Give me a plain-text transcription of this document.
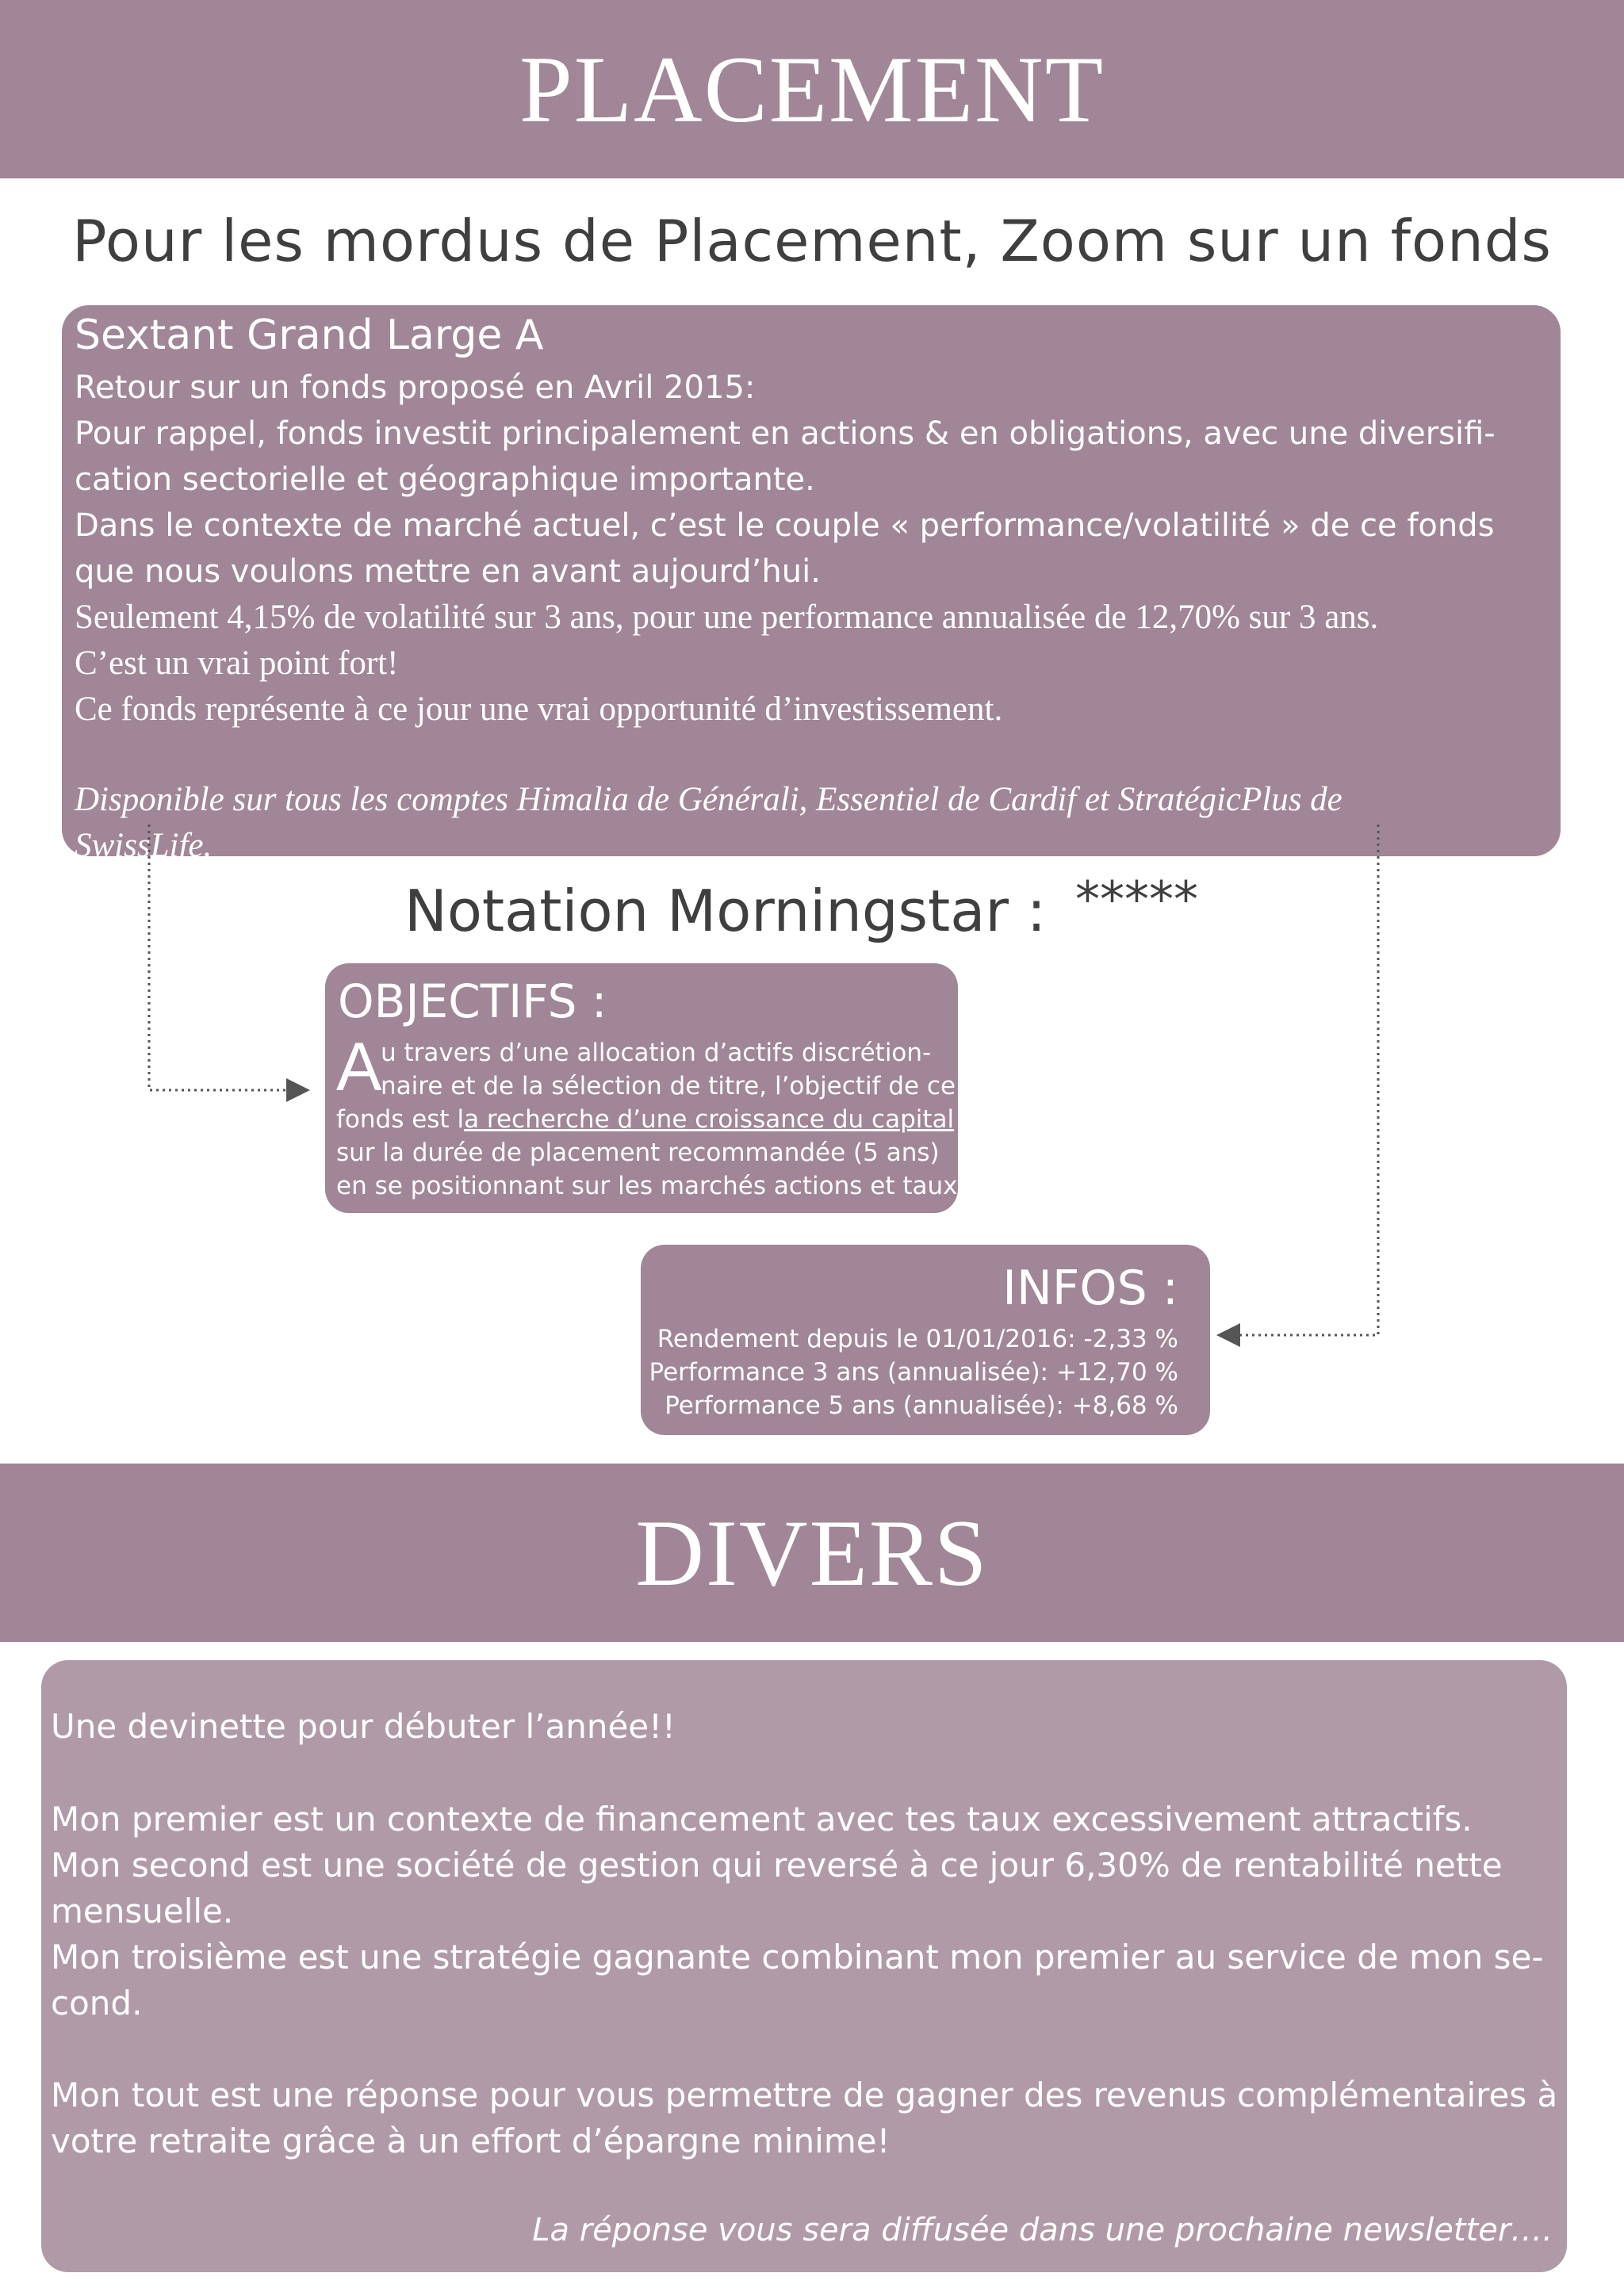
PLACEMENT
Pour les mordus de Placement, Zoom sur un fonds
Sextant Grand Large A
Retour sur un fonds proposé en Avril 2015:
Pour rappel, fonds investit principalement en actions & en obligations, avec une diversifi-
cation sectorielle et géographique importante.
Dans le contexte de marché actuel, c’est le couple « performance/volatilité » de ce fonds
que nous voulons mettre en avant aujourd’hui.
Seulement 4,15% de volatilité sur 3 ans, pour une performance annualisée de 12,70% sur 3 ans.
C’est un vrai point fort!
Ce fonds représente à ce jour une vrai opportunité d’investissement.
Disponible sur tous les comptes Himalia de Générali, Essentiel de Cardif et StratégicPlus de
SwissLife.
Notation Morningstar : *****
OBJECTIFS :
A
u travers d’une allocation d’actifs discrétion-
naire et de la sélection de titre, l’objectif de ce
fonds est la recherche d’une croissance du capital
sur la durée de placement recommandée (5 ans)
en se positionnant sur les marchés actions et taux.
INFOS :
Rendement depuis le 01/01/2016: -2,33 %
Performance 3 ans (annualisée): +12,70 %
Performance 5 ans (annualisée): +8,68 %
DIVERS
Une devinette pour débuter l’année!!
Mon premier est un contexte de financement avec tes taux excessivement attractifs.
Mon second est une société de gestion qui reversé à ce jour 6,30% de rentabilité nette
mensuelle.
Mon troisième est une stratégie gagnante combinant mon premier au service de mon se-
cond.
Mon tout est une réponse pour vous permettre de gagner des revenus complémentaires à
votre retraite grâce à un effort d’épargne minime!
La réponse vous sera diffusée dans une prochaine newsletter….
